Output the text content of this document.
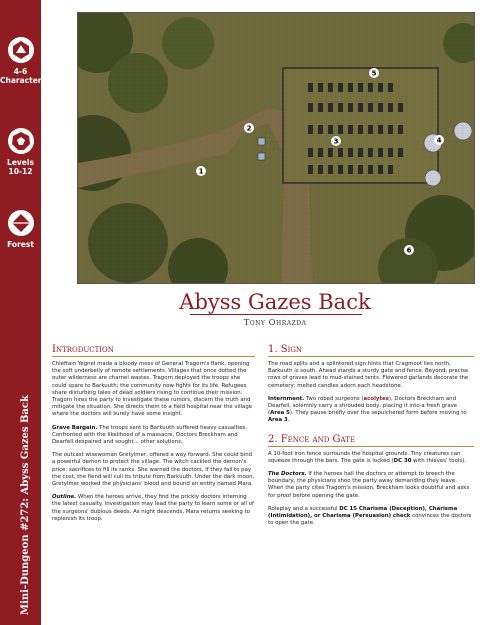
4-6
Characters
Levels
10-12
Forest
Mini-Dungeon #272: Abyss Gazes Back
1
2
3	4
5
6
Abyss Gazes Back
Tony Ohrazda
Introduction

Chieftain Yegnel made a bloody mess of General Tragorn's flank, opening the soft underbelly of remote settlements. Villages that once dotted the outer wilderness are charnel wastes. Tragorn deployed the troops she could spare to Barkuuth; the community now fights for its life. Refugees share disturbing tales of dead soldiers rising to continue their mission. Tragorn hires the party to investigate these rumors, discern the truth and mitigate the situation. She directs them to a field hospital near the village where the doctors will surely have some insight.

Grave Bargain. The troops sent to Barkuuth suffered heavy casualties. Confronted with the likelihood of a massacre, Doctors Breckham and Dearfell despaired and sought… other solutions.

The outcast wisewoman Gretylmer, offered a way forward. She could bind a powerful demon to protect the village. The witch cackled the demon's price: sacrifices to fill its ranks. She warned the doctors, if they fail to pay the cost, the fiend will cull its tribute from Barkuuth. Under the dark moon, Gretylmer worked the physicians' blood and bound an entity named Mara.

Outline. When the heroes arrive, they find the prickly doctors interning the latest casualty. Investigation may lead the party to learn some or all of the surgeons' dubious deeds. As night descends, Mara returns seeking to replenish its troop.

1. Sign

The road splits and a splintered sign hints that Cragmoot lies north, Barkuuth is south. Ahead stands a sturdy gate and fence. Beyond, precise rows of graves lead to mud-stained tents. Flowered garlands decorate the cemetery; melted candles adorn each headstone.

Internment. Two robed surgeons (acolytes), Doctors Breckham and Dearfell, solemnly carry a shrouded body, placing it into a fresh grave (Area 5). They pause briefly over the sepulchered form before moving to Area 3.

2. Fence and Gate

A 10-foot iron fence surrounds the hospital grounds. Tiny creatures can squeeze through the bars. The gate is locked (DC 30 with thieves' tools).

The Doctors. If the heroes hail the doctors or attempt to breech the boundary, the physicians shoo the party away demanding they leave. When the party cites Tragorn's mission, Breckham looks doubtful and asks for proof before opening the gate.

Roleplay and a successful DC 15 Charisma (Deception), Charisma (Intimidation), or Charisma (Persuasion) check convinces the doctors to open the gate.
